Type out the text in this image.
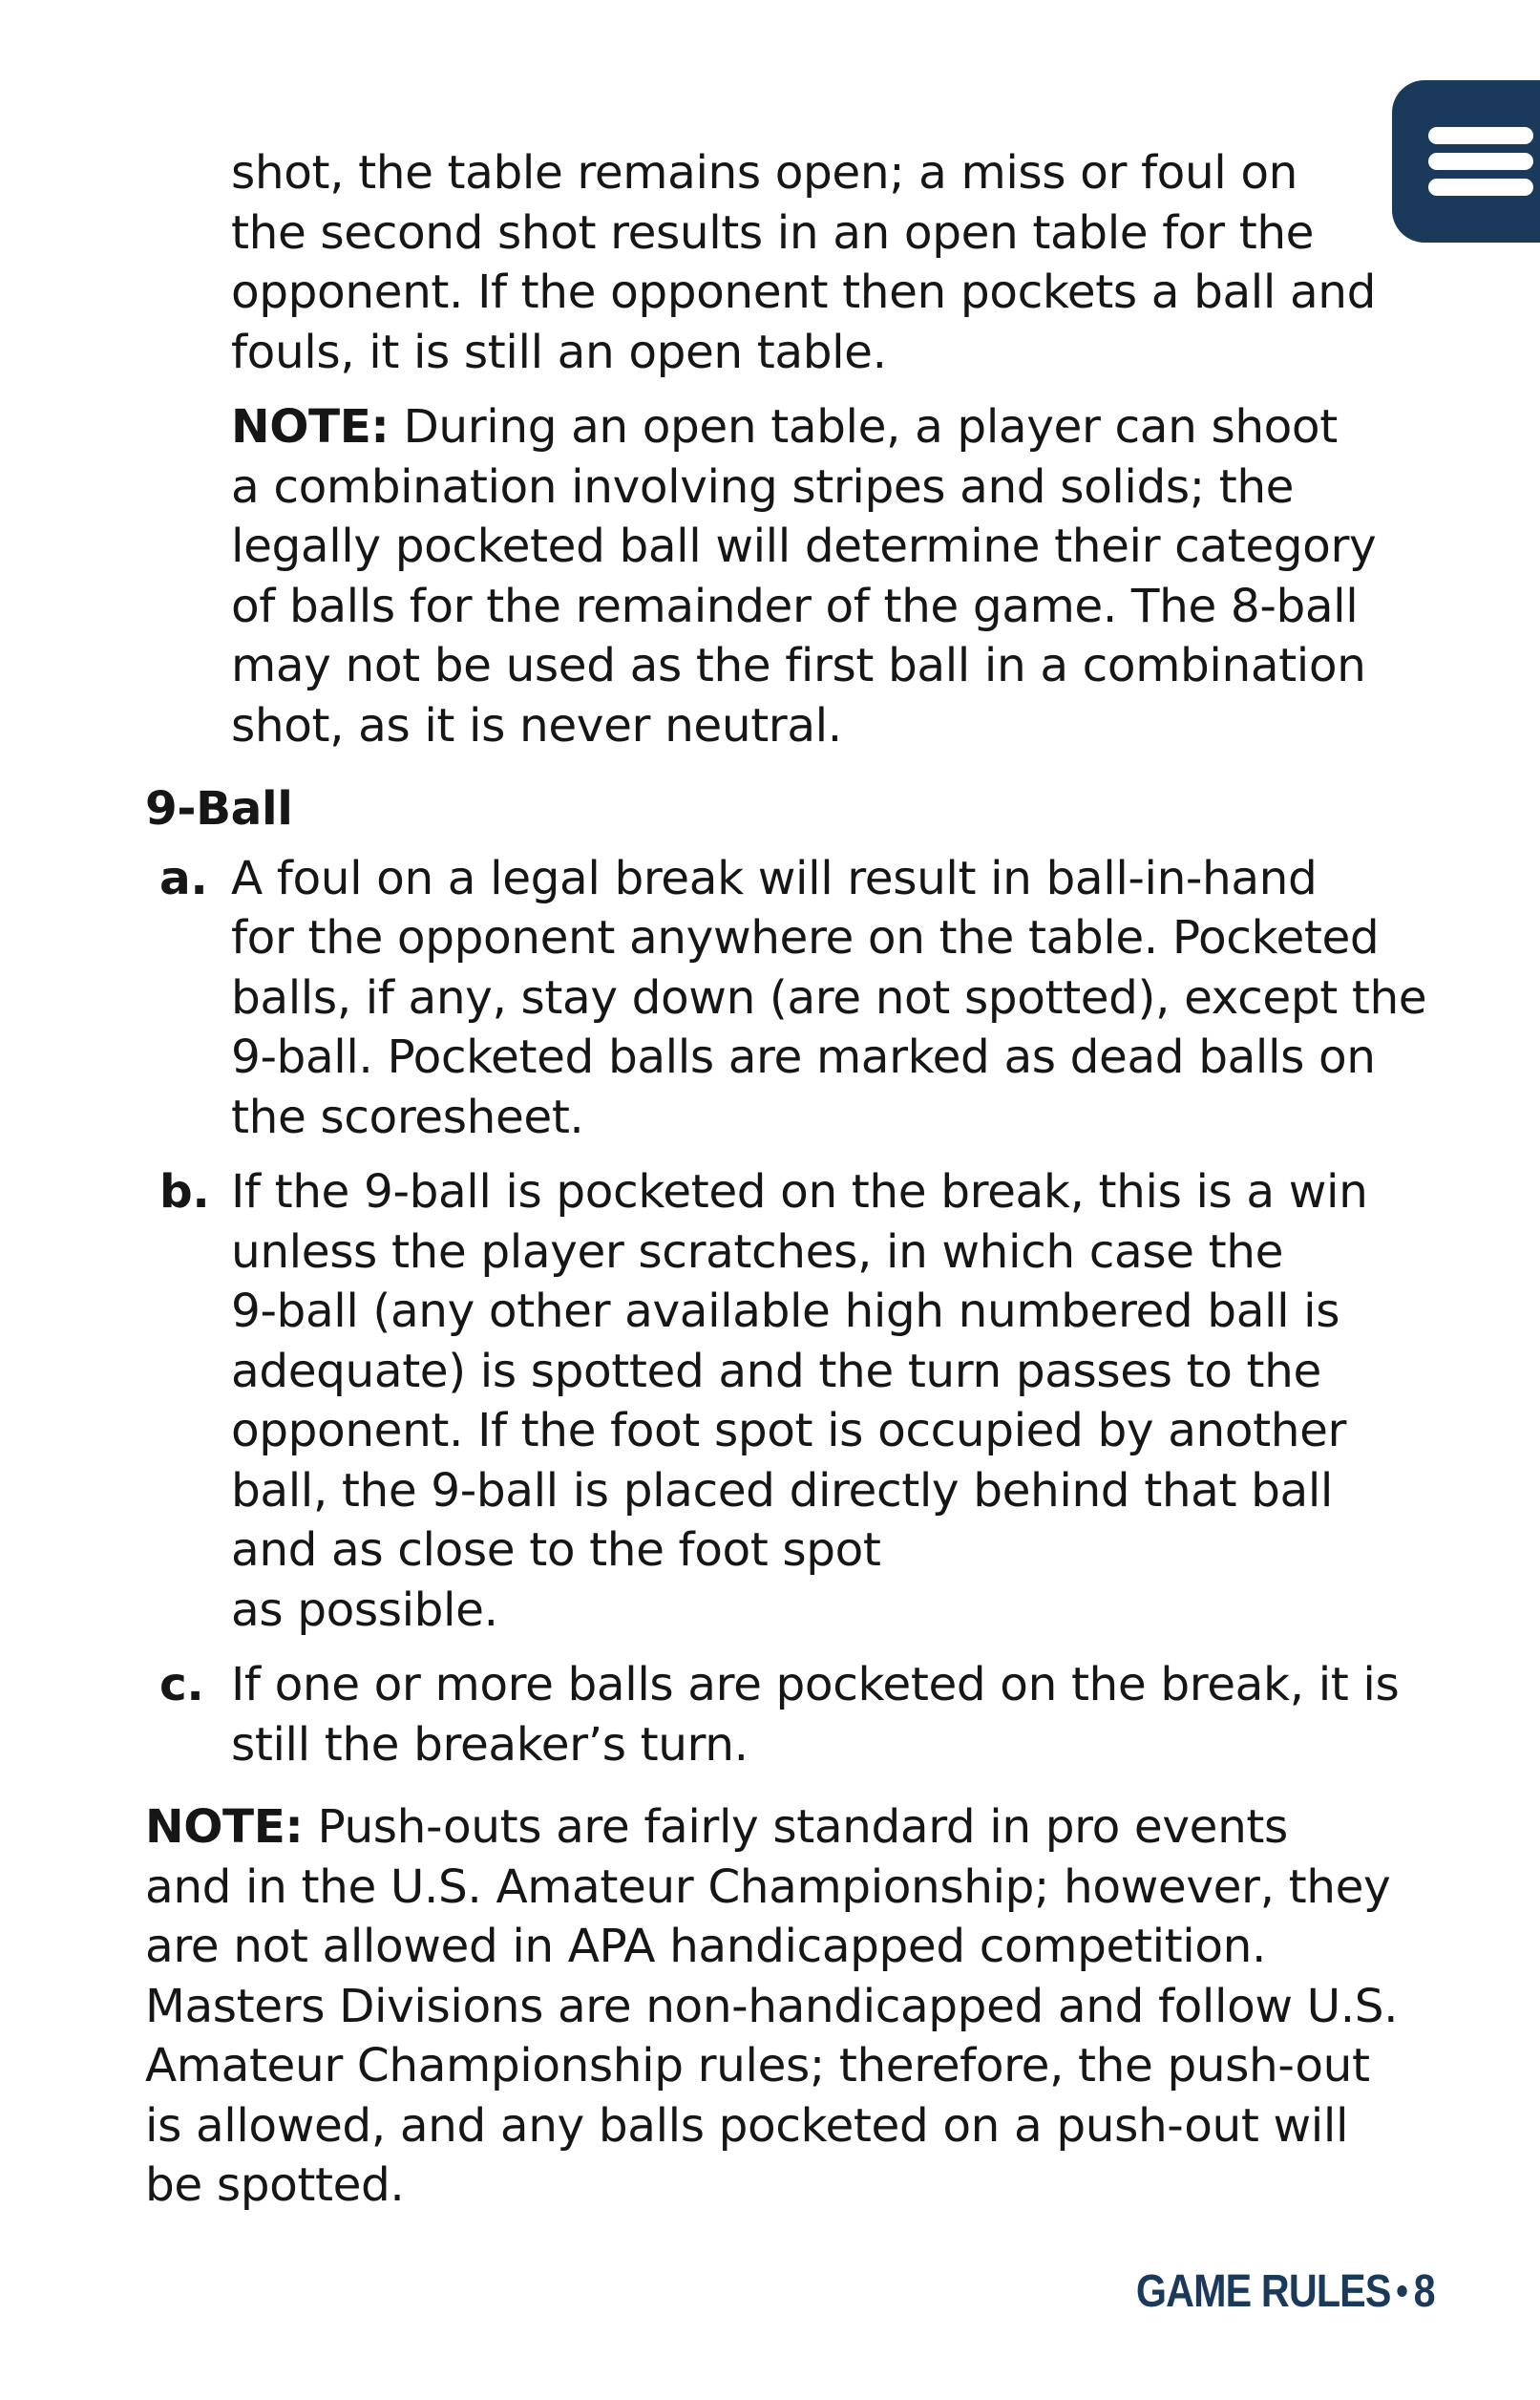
shot, the table remains open; a miss or foul on
the second shot results in an open table for the
opponent. If the opponent then pockets a ball and
fouls, it is still an open table.

NOTE: During an open table, a player can shoot
a combination involving stripes and solids; the
legally pocketed ball will determine their category
of balls for the remainder of the game. The 8-ball
may not be used as the first ball in a combination
shot, as it is never neutral.

9-Ball

a. A foul on a legal break will result in ball-in-hand
for the opponent anywhere on the table. Pocketed
balls, if any, stay down (are not spotted), except the
9-ball. Pocketed balls are marked as dead balls on
the scoresheet.
b. If the 9-ball is pocketed on the break, this is a win
unless the player scratches, in which case the
9-ball (any other available high numbered ball is
adequate) is spotted and the turn passes to the
opponent. If the foot spot is occupied by another
ball, the 9-ball is placed directly behind that ball
and as close to the foot spot
as possible.
c. If one or more balls are pocketed on the break, it is
still the breaker’s turn.

NOTE: Push-outs are fairly standard in pro events
and in the U.S. Amateur Championship; however, they
are not allowed in APA handicapped competition.
Masters Divisions are non-handicapped and follow U.S.
Amateur Championship rules; therefore, the push-out
is allowed, and any balls pocketed on a push-out will
be spotted.

GAME RULES 8
